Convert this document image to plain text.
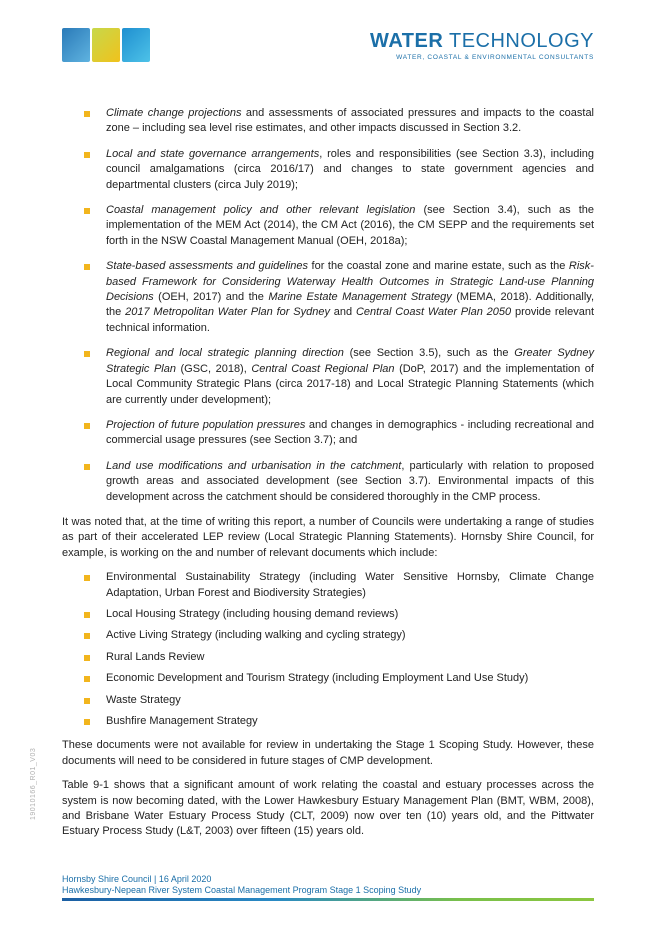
WATER TECHNOLOGY
WATER, COASTAL & ENVIRONMENTAL CONSULTANTS
Climate change projections and assessments of associated pressures and impacts to the coastal zone – including sea level rise estimates, and other impacts discussed in Section 3.2.
Local and state governance arrangements, roles and responsibilities (see Section 3.3), including council amalgamations (circa 2016/17) and changes to state government agencies and departmental clusters (circa July 2019);
Coastal management policy and other relevant legislation (see Section 3.4), such as the implementation of the MEM Act (2014), the CM Act (2016), the CM SEPP and the requirements set forth in the NSW Coastal Management Manual (OEH, 2018a);
State-based assessments and guidelines for the coastal zone and marine estate, such as the Risk-based Framework for Considering Waterway Health Outcomes in Strategic Land-use Planning Decisions (OEH, 2017) and the Marine Estate Management Strategy (MEMA, 2018). Additionally, the 2017 Metropolitan Water Plan for Sydney and Central Coast Water Plan 2050 provide relevant technical information.
Regional and local strategic planning direction (see Section 3.5), such as the Greater Sydney Strategic Plan (GSC, 2018), Central Coast Regional Plan (DoP, 2017) and the implementation of Local Community Strategic Plans (circa 2017-18) and Local Strategic Planning Statements (which are currently under development);
Projection of future population pressures and changes in demographics - including recreational and commercial usage pressures (see Section 3.7); and
Land use modifications and urbanisation in the catchment, particularly with relation to proposed growth areas and associated development (see Section 3.7). Environmental impacts of this development across the catchment should be considered thoroughly in the CMP process.

It was noted that, at the time of writing this report, a number of Councils were undertaking a range of studies as part of their accelerated LEP review (Local Strategic Planning Statements). Hornsby Shire Council, for example, is working on the and number of relevant documents which include:

Environmental Sustainability Strategy (including Water Sensitive Hornsby, Climate Change Adaptation, Urban Forest and Biodiversity Strategies)
Local Housing Strategy (including housing demand reviews)
Active Living Strategy (including walking and cycling strategy)
Rural Lands Review
Economic Development and Tourism Strategy (including Employment Land Use Study)
Waste Strategy
Bushfire Management Strategy

These documents were not available for review in undertaking the Stage 1 Scoping Study. However, these documents will need to be considered in future stages of CMP development.

Table 9-1 shows that a significant amount of work relating the coastal and estuary processes across the system is now becoming dated, with the Lower Hawkesbury Estuary Management Plan (BMT, WBM, 2008), and Brisbane Water Estuary Process Study (CLT, 2009) now over ten (10) years old, and the Pittwater Estuary Process Study (L&T, 2003) over fifteen (15) years old.

19010166_R01_V03
Hornsby Shire Council | 16 April 2020
Hawkesbury-Nepean River System Coastal Management Program Stage 1 Scoping Study
